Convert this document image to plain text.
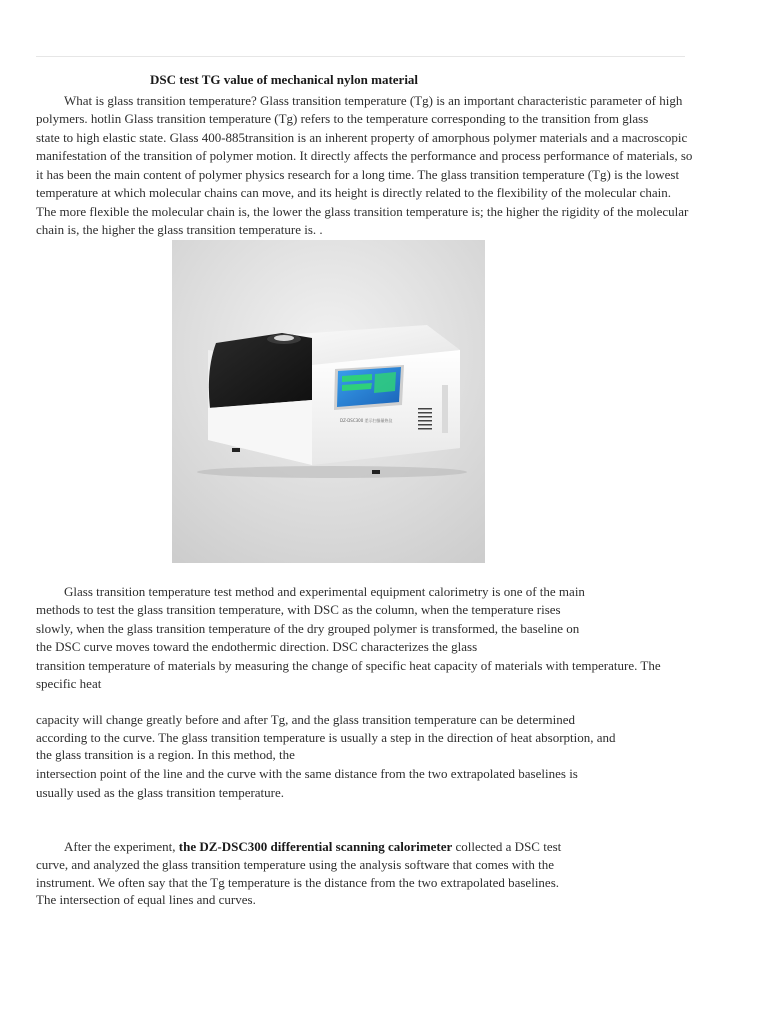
DSC test TG value of mechanical nylon material
What is glass transition temperature? Glass transition temperature (Tg) is an important characteristic parameter of high
polymers. hotlin Glass transition temperature (Tg) refers to the temperature corresponding to the transition from glass
state to high elastic state. Glass 400-885transition is an inherent property of amorphous polymer materials and a macroscopic
manifestation of the transition of polymer motion. It directly affects the performance and process performance of materials, so
it has been the main content of polymer physics research for a long time. The glass transition temperature (Tg) is the lowest
temperature at which molecular chains can move, and its height is directly related to the flexibility of the molecular chain.
The more flexible the molecular chain is, the lower the glass transition temperature is; the higher the rigidity of the molecular
chain is, the higher the glass transition temperature is. .
DZ-DSC300 差示扫描量热仪
Glass transition temperature test method and experimental equipment calorimetry is one of the main
methods to test the glass transition temperature, with DSC as the column, when the temperature rises
slowly, when the glass transition temperature of the dry grouped polymer is transformed, the baseline on
the DSC curve moves toward the endothermic direction. DSC characterizes the glass
transition temperature of materials by measuring the change of specific heat capacity of materials with temperature. The
specific heat
capacity will change greatly before and after Tg, and the glass transition temperature can be determined
according to the curve. The glass transition temperature is usually a step in the direction of heat absorption, and
the glass transition is a region. In this method, the
intersection point of the line and the curve with the same distance from the two extrapolated baselines is
usually used as the glass transition temperature.
After the experiment, the DZ-DSC300 differential scanning calorimeter collected a DSC test
curve, and analyzed the glass transition temperature using the analysis software that comes with the
instrument. We often say that the Tg temperature is the distance from the two extrapolated baselines.
The intersection of equal lines and curves.
